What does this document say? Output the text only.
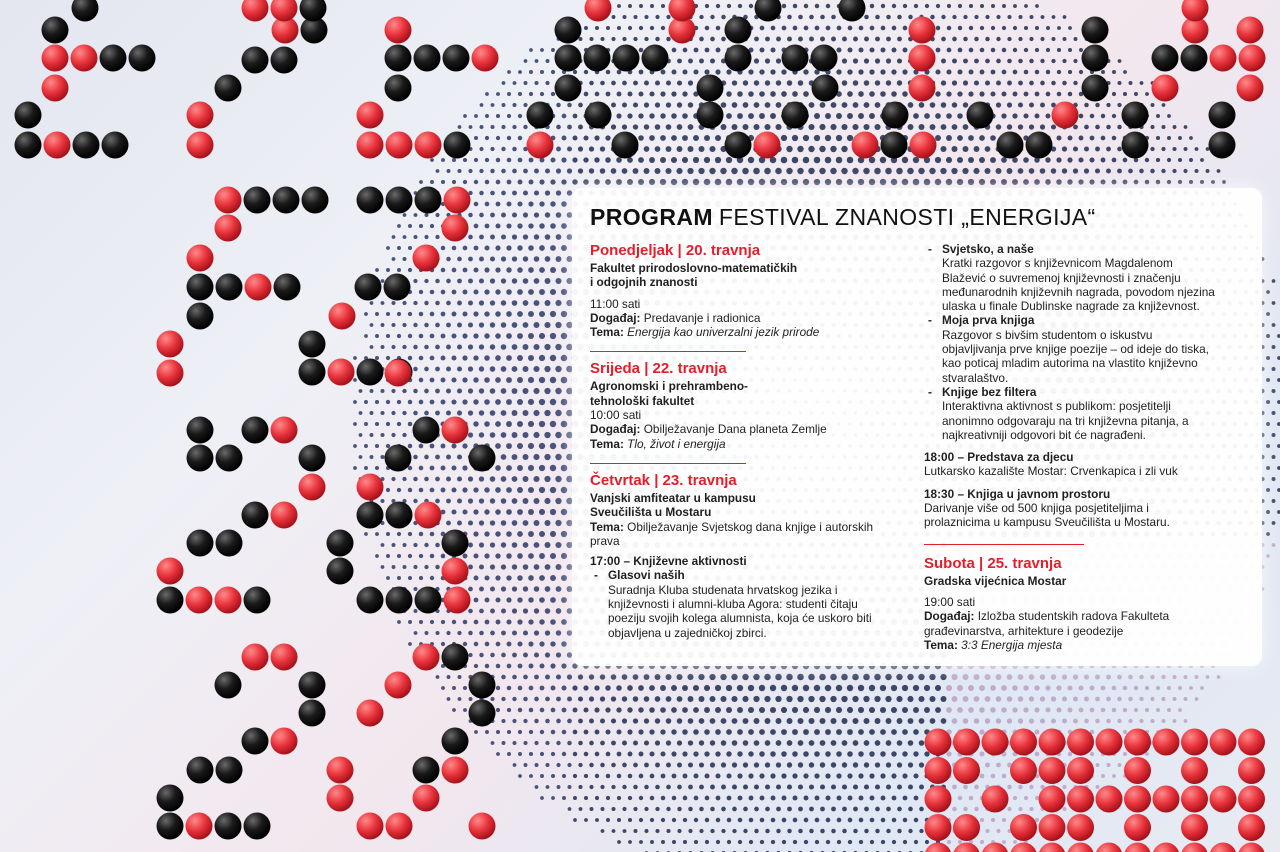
PROGRAM FESTIVAL ZNANOSTI „ENERGIJA“
Ponedjeljak | 20. travnja
Fakultet prirodoslovno-matematičkih
i odgojnih znanosti
11:00 sati
Događaj: Predavanje i radionica
Tema: Energija kao univerzalni jezik prirode
Srijeda | 22. travnja
Agronomski i prehrambeno-
tehnološki fakultet
10:00 sati
Događaj: Obilježavanje Dana planeta Zemlje
Tema: Tlo, život i energija
Četvrtak | 23. travnja
Vanjski amfiteatar u kampusu
Sveučilišta u Mostaru
Tema: Obilježavanje Svjetskog dana knjige i autorskih
prava
17:00 – Književne aktivnosti
- Glasovi naših
Suradnja Kluba studenata hrvatskog jezika i
književnosti i alumni-kluba Agora: studenti čitaju
poeziju svojih kolega alumnista, koja će uskoro biti
objavljena u zajedničkoj zbirci.
- Svjetsko, a naše
Kratki razgovor s književnicom Magdalenom
Blažević o suvremenoj književnosti i značenju
međunarodnih književnih nagrada, povodom njezina
ulaska u finale Dublinske nagrade za književnost.
- Moja prva knjiga
Razgovor s bivšim studentom o iskustvu
objavljivanja prve knjige poezije – od ideje do tiska,
kao poticaj mladim autorima na vlastito književno
stvaralaštvo.
- Knjige bez filtera
Interaktivna aktivnost s publikom: posjetitelji
anonimno odgovaraju na tri književna pitanja, a
najkreativniji odgovori bit će nagrađeni.
18:00 – Predstava za djecu
Lutkarsko kazalište Mostar: Crvenkapica i zli vuk
18:30 – Knjiga u javnom prostoru
Darivanje više od 500 knjiga posjetiteljima i
prolaznicima u kampusu Sveučilišta u Mostaru.
Subota | 25. travnja
Gradska vijećnica Mostar
19:00 sati
Događaj: Izložba studentskih radova Fakulteta
građevinarstva, arhitekture i geodezije
Tema: 3:3 Energija mjesta
